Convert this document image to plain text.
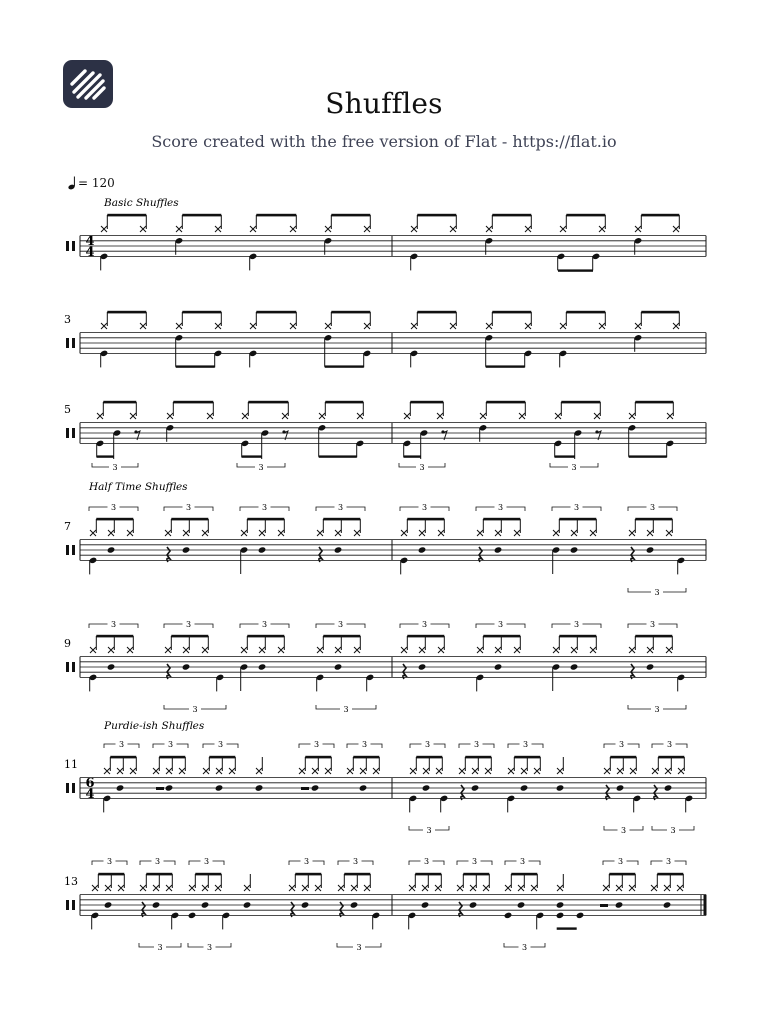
Shuffles
Score created with the free version of Flat - https://flat.io
= 120
3
5
7
9
11
13
4
4
6
4
Basic Shuffles
Half Time Shuffles
Purdie-ish Shuffles
3	3	3	3
3	3	3	3	3	3	3	3
3
3	3	3	3	3	3	3	3
3	3	3
3	3	3	3	3	3	3	3	3	3
3	3	3
3	3	3	3	3	3	3	3	3	3
3	3	3	3
